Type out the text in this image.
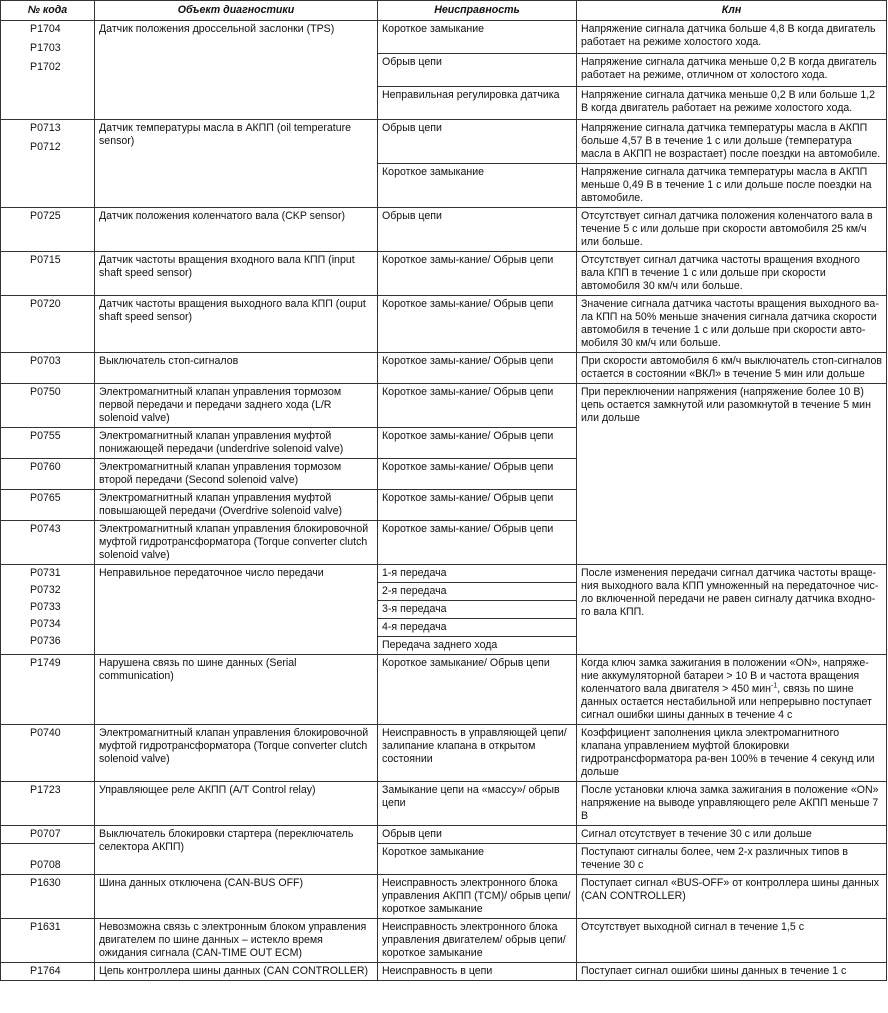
№ кода	Объект диагностики	Неисправность	Клн

P1704
P1703
P1702	Датчик положения дроссельной заслонки (TPS)	Короткое замыкание	Напряжение сигнала датчика больше 4,8 В когда двигатель работает на режиме холостого хода.
		Обрыв цепи	Напряжение сигнала датчика меньше 0,2 В когда двигатель работает на режиме, отличном от холостого хода.
		Неправильная регулировка датчика	Напряжение сигнала датчика меньше 0,2 В или больше 1,2 В когда двигатель работает на режиме холостого хода.

P0713
P0712	Датчик температуры масла в АКПП (oil temperature sensor)	Обрыв цепи	Напряжение сигнала датчика температуры масла в АКПП больше 4,57 В в течение 1 с или дольше (температура масла в АКПП не возрастает) после поездки на автомобиле.
		Короткое замыкание	Напряжение сигнала датчика температуры масла в АКПП меньше 0,49 В в течение 1 с или дольше после поездки на автомобиле.
P0725	Датчик положения коленчатого вала (CKP sensor)	Обрыв цепи	Отсутствует сигнал датчика положения коленчатого вала в течение 5 с или дольше при скорости автомобиля 25 км/ч или больше.
P0715	Датчик частоты вращения входного вала КПП (input shaft speed sensor)	Короткое замы-кание/ Обрыв цепи	Отсутствует сигнал датчика частоты вращения входного вала КПП в течение 1 с или дольше при скорости автомобиля 30 км/ч или больше.
P0720	Датчик частоты вращения выходного вала КПП (ouput shaft speed sensor)	Короткое замы-кание/ Обрыв цепи	Значение сигнала датчика частоты вращения выходного ва-ла КПП на 50% меньше значения сигнала датчика скорости автомобиля в течение 1 с или дольше при скорости авто-мобиля 30 км/ч или больше.
P0703	Выключатель стоп-сигналов	Короткое замы-кание/ Обрыв цепи	При скорости автомобиля 6 км/ч выключатель стоп-сигналов остается в состоянии «ВКЛ» в течение 5 мин или дольше
P0750	Электромагнитный клапан управления тормозом первой передачи и передачи заднего хода (L/R solenoid valve)	Короткое замы-кание/ Обрыв цепи	При переключении напряжения (напряжение более 10 В) цепь остается замкнутой или разомкнутой в течение 5 мин или дольше
P0755	Электромагнитный клапан управления муфтой понижающей передачи (underdrive solenoid valve)	Короткое замы-кание/ Обрыв цепи	
P0760	Электромагнитный клапан управления тормозом второй передачи (Second solenoid valve)	Короткое замы-кание/ Обрыв цепи	
P0765	Электромагнитный клапан управления муфтой повышающей передачи (Overdrive solenoid valve)	Короткое замы-кание/ Обрыв цепи	
P0743	Электромагнитный клапан управления блокировочной муфтой гидротрансформатора (Torque converter clutch solenoid valve)	Короткое замы-кание/ Обрыв цепи	

P0731
P0732
P0733
P0734
P0736	Неправильное передаточное число передачи	1-я передача	После изменения передачи сигнал датчика частоты враще-ния выходного вала КПП умноженный на передаточное чис-ло включенной передачи не равен сигналу датчика входно-го вала КПП.
		2-я передача	
		3-я передача	
		4-я передача	
		Передача заднего хода	
P1749	Нарушена связь по шине данных (Serial communication)	Короткое замыкание/ Обрыв цепи	Когда ключ замка зажигания в положении «ON», напряже-ние аккумуляторной батареи > 10 В и частота вращения коленчатого вала двигателя > 450 мин$^{-1}$, связь по шине данных остается нестабильной или непрерывно поступает сигнал ошибки шины данных в течение 4 с
P0740	Электромагнитный клапан управления блокировочной муфтой гидротрансформатора (Torque converter clutch solenoid valve)	Неисправность в управляющей цепи/ залипание клапана в открытом состоянии	Коэффициент заполнения цикла электромагнитного клапана управлением муфтой блокировки гидротрансформатора ра-вен 100% в течение 4 секунд или дольше
P1723	Управляющее реле АКПП (A/T Control relay)	Замыкание цепи на «массу»/ обрыв цепи	После установки ключа замка зажигания в положение «ON» напряжение на выводе управляющего реле АКПП меньше 7 В
P0707	Выключатель блокировки стартера (переключатель селектора АКПП)	Обрыв цепи	Сигнал отсутствует в течение 30 с или дольше
P0708		Короткое замыкание	Поступают сигналы более, чем 2-х различных типов в течение 30 с
P1630	Шина данных отключена (CAN-BUS OFF)	Неисправность электронного блока управления АКПП (TCM)/ обрыв цепи/ короткое замыкание	Поступает сигнал «BUS-OFF» от контроллера шины данных (CAN CONTROLLER)
P1631	Невозможна связь с электронным блоком управления двигателем по шине данных – истекло время ожидания сигнала (CAN-TIME OUT ECM)	Неисправность электронного блока управления двигателем/ обрыв цепи/ короткое замыкание	Отсутствует выходной сигнал в течение 1,5 с
P1764	Цепь контроллера шины данных (CAN CONTROLLER)	Неисправность в цепи	Поступает сигнал ошибки шины данных в течение 1 с
